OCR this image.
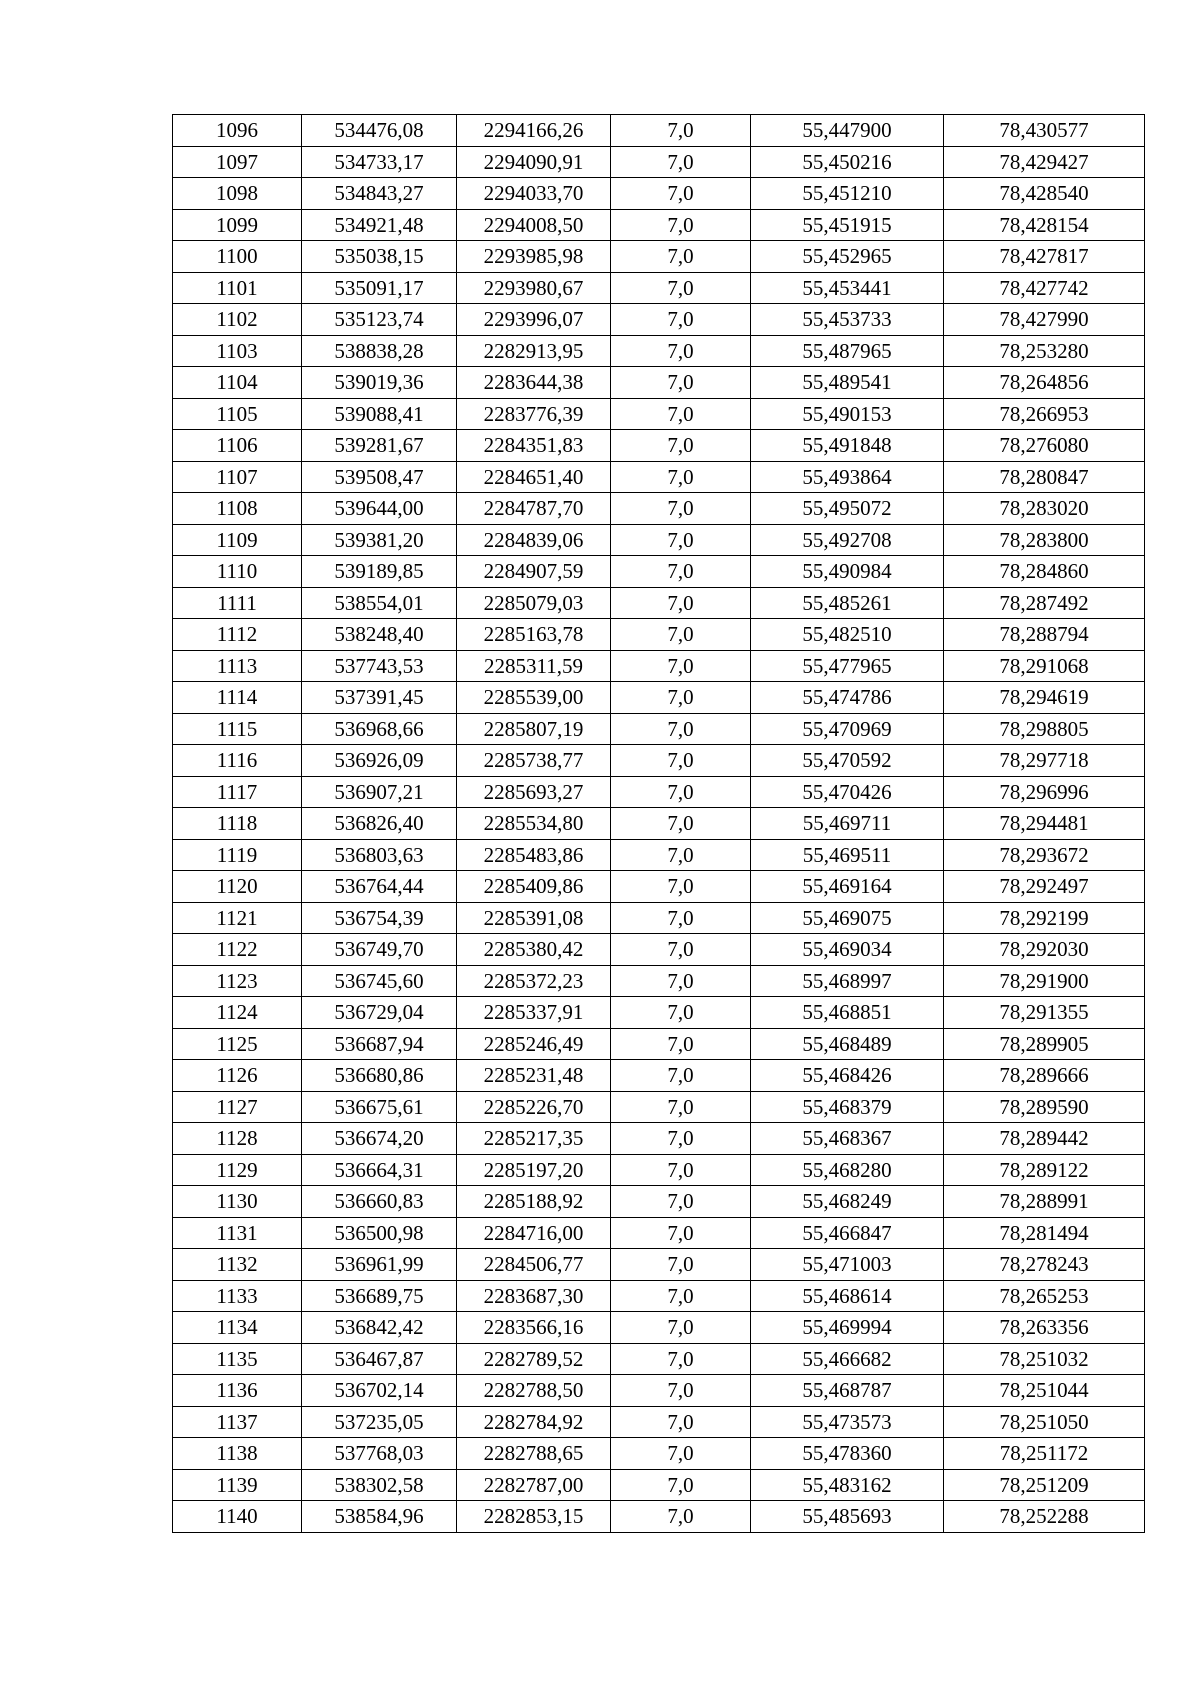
1096	534476,08	2294166,26	7,0	55,447900	78,430577
1097	534733,17	2294090,91	7,0	55,450216	78,429427
1098	534843,27	2294033,70	7,0	55,451210	78,428540
1099	534921,48	2294008,50	7,0	55,451915	78,428154
1100	535038,15	2293985,98	7,0	55,452965	78,427817
1101	535091,17	2293980,67	7,0	55,453441	78,427742
1102	535123,74	2293996,07	7,0	55,453733	78,427990
1103	538838,28	2282913,95	7,0	55,487965	78,253280
1104	539019,36	2283644,38	7,0	55,489541	78,264856
1105	539088,41	2283776,39	7,0	55,490153	78,266953
1106	539281,67	2284351,83	7,0	55,491848	78,276080
1107	539508,47	2284651,40	7,0	55,493864	78,280847
1108	539644,00	2284787,70	7,0	55,495072	78,283020
1109	539381,20	2284839,06	7,0	55,492708	78,283800
1110	539189,85	2284907,59	7,0	55,490984	78,284860
1111	538554,01	2285079,03	7,0	55,485261	78,287492
1112	538248,40	2285163,78	7,0	55,482510	78,288794
1113	537743,53	2285311,59	7,0	55,477965	78,291068
1114	537391,45	2285539,00	7,0	55,474786	78,294619
1115	536968,66	2285807,19	7,0	55,470969	78,298805
1116	536926,09	2285738,77	7,0	55,470592	78,297718
1117	536907,21	2285693,27	7,0	55,470426	78,296996
1118	536826,40	2285534,80	7,0	55,469711	78,294481
1119	536803,63	2285483,86	7,0	55,469511	78,293672
1120	536764,44	2285409,86	7,0	55,469164	78,292497
1121	536754,39	2285391,08	7,0	55,469075	78,292199
1122	536749,70	2285380,42	7,0	55,469034	78,292030
1123	536745,60	2285372,23	7,0	55,468997	78,291900
1124	536729,04	2285337,91	7,0	55,468851	78,291355
1125	536687,94	2285246,49	7,0	55,468489	78,289905
1126	536680,86	2285231,48	7,0	55,468426	78,289666
1127	536675,61	2285226,70	7,0	55,468379	78,289590
1128	536674,20	2285217,35	7,0	55,468367	78,289442
1129	536664,31	2285197,20	7,0	55,468280	78,289122
1130	536660,83	2285188,92	7,0	55,468249	78,288991
1131	536500,98	2284716,00	7,0	55,466847	78,281494
1132	536961,99	2284506,77	7,0	55,471003	78,278243
1133	536689,75	2283687,30	7,0	55,468614	78,265253
1134	536842,42	2283566,16	7,0	55,469994	78,263356
1135	536467,87	2282789,52	7,0	55,466682	78,251032
1136	536702,14	2282788,50	7,0	55,468787	78,251044
1137	537235,05	2282784,92	7,0	55,473573	78,251050
1138	537768,03	2282788,65	7,0	55,478360	78,251172
1139	538302,58	2282787,00	7,0	55,483162	78,251209
1140	538584,96	2282853,15	7,0	55,485693	78,252288
